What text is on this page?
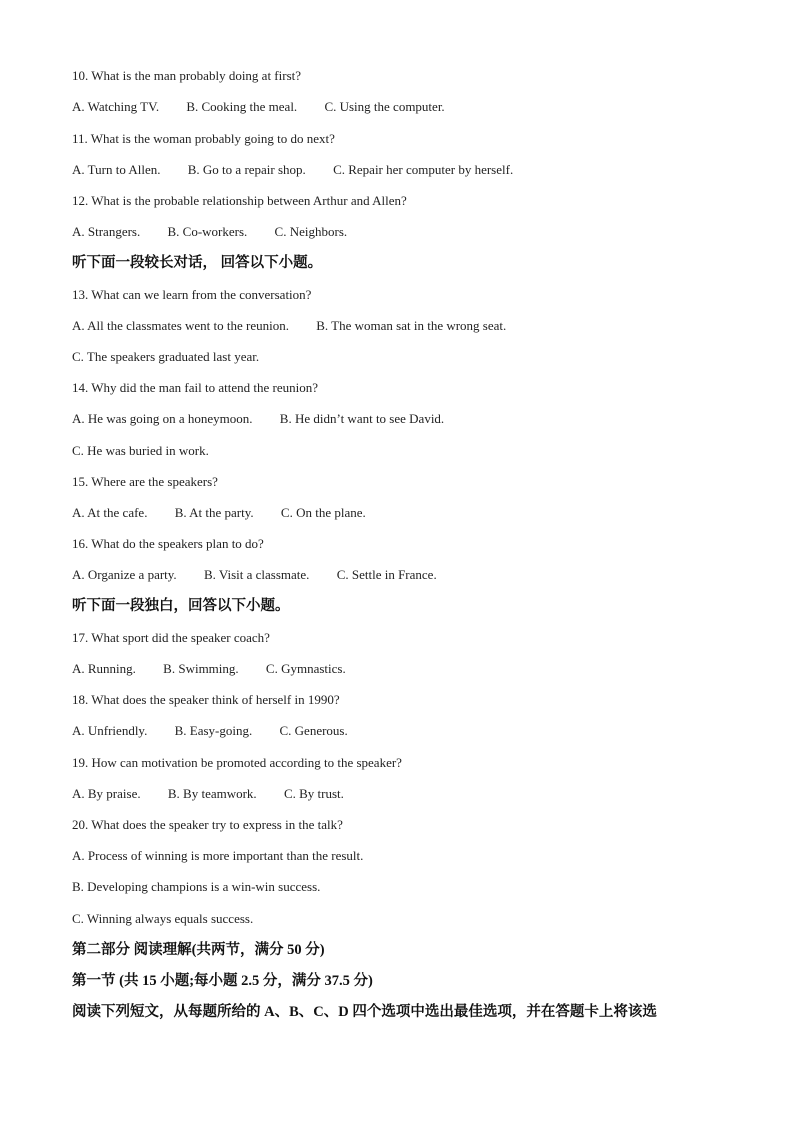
10. What is the man probably doing at first?
A. Watching TV. B. Cooking the meal. C. Using the computer.
11. What is the woman probably going to do next?
A. Turn to Allen. B. Go to a repair shop. C. Repair her computer by herself.
12. What is the probable relationship between Arthur and Allen?
A. Strangers. B. Co-workers. C. Neighbors.
听下面一段较长对话， 回答以下小题。
13. What can we learn from the conversation?
A. All the classmates went to the reunion. B. The woman sat in the wrong seat.
C. The speakers graduated last year.
14. Why did the man fail to attend the reunion?
A. He was going on a honeymoon. B. He didn’t want to see David.
C. He was buried in work.
15. Where are the speakers?
A. At the cafe. B. At the party. C. On the plane.
16. What do the speakers plan to do?
A. Organize a party. B. Visit a classmate. C. Settle in France.
听下面一段独白，回答以下小题。
17. What sport did the speaker coach?
A. Running. B. Swimming. C. Gymnastics.
18. What does the speaker think of herself in 1990?
A. Unfriendly. B. Easy-going. C. Generous.
19. How can motivation be promoted according to the speaker?
A. By praise. B. By teamwork. C. By trust.
20. What does the speaker try to express in the talk?
A. Process of winning is more important than the result.
B. Developing champions is a win-win success.
C. Winning always equals success.
第二部分 阅读理解(共两节，满分 50 分)
第一节 (共 15 小题;每小题 2.5 分，满分 37.5 分)
阅读下列短文，从每题所给的 A、B、C、D 四个选项中选出最佳选项，并在答题卡上将该选
